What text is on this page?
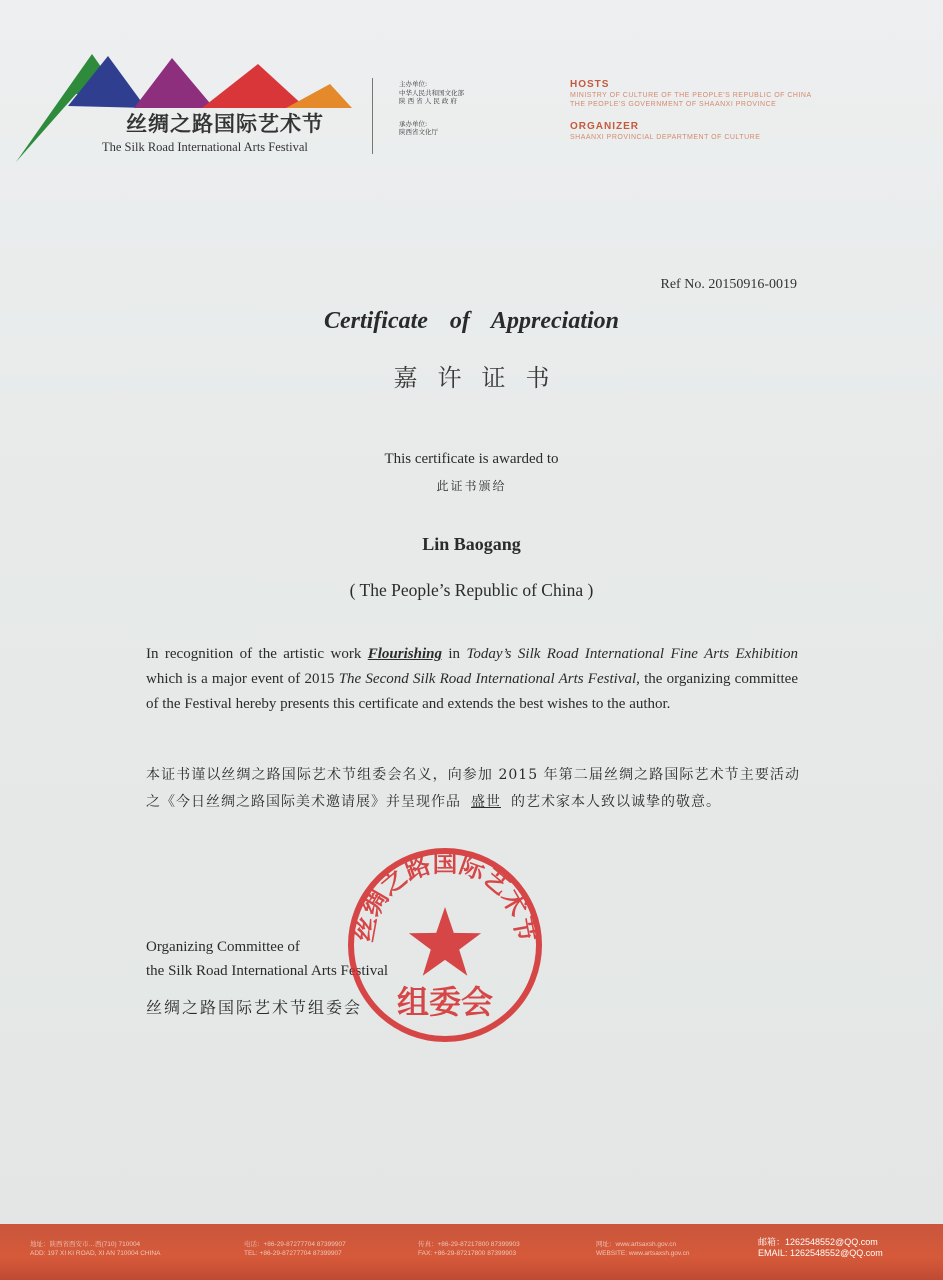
丝绸之路国际艺术节
The Silk Road International Arts Festival
主办单位:
中华人民共和国文化部
陕 西 省 人 民 政 府
承办单位:
陕西省文化厅
HOSTS
MINISTRY OF CULTURE OF THE PEOPLE'S REPUBLIC OF CHINA
THE PEOPLE'S GOVERNMENT OF SHAANXI PROVINCE
ORGANIZER
SHAANXI PROVINCIAL DEPARTMENT OF CULTURE
Ref No. 20150916-0019
Certificate of Appreciation
嘉许证书
This certificate is awarded to
此证书颁给
Lin Baogang
( The People’s Republic of China )
In recognition of the artistic work Flourishing in Today’s Silk Road International Fine Arts Exhibition which is a major event of 2015 The Second Silk Road International Arts Festival, the organizing committee of the Festival hereby presents this certificate and extends the best wishes to the author.
本证书谨以丝绸之路国际艺术节组委会名义，向参加 2015 年第二届丝绸之路国际艺术节主要活动之《今日丝绸之路国际美术邀请展》并呈现作品 盛世 的艺术家本人致以诚挚的敬意。
Organizing Committee of
the Silk Road International Arts Festival
丝绸之路国际艺术节组委会
丝绸之路国际艺术节
组委会
地址：陕西省西安市…西(710) 710004
ADD: 197 XI KI ROAD, XI AN 710004 CHINA
电话：+86-29-87277704 87399907
TEL: +86-29-87277704 87399907
传真：+86-29-87217800 87399903
FAX: +86-29-87217800 87399903
网址：www.artsaxsh.gov.cn
WEBSITE: www.artsaxsh.gov.cn
邮箱：1262548552@QQ.com
EMAIL: 1262548552@QQ.com
